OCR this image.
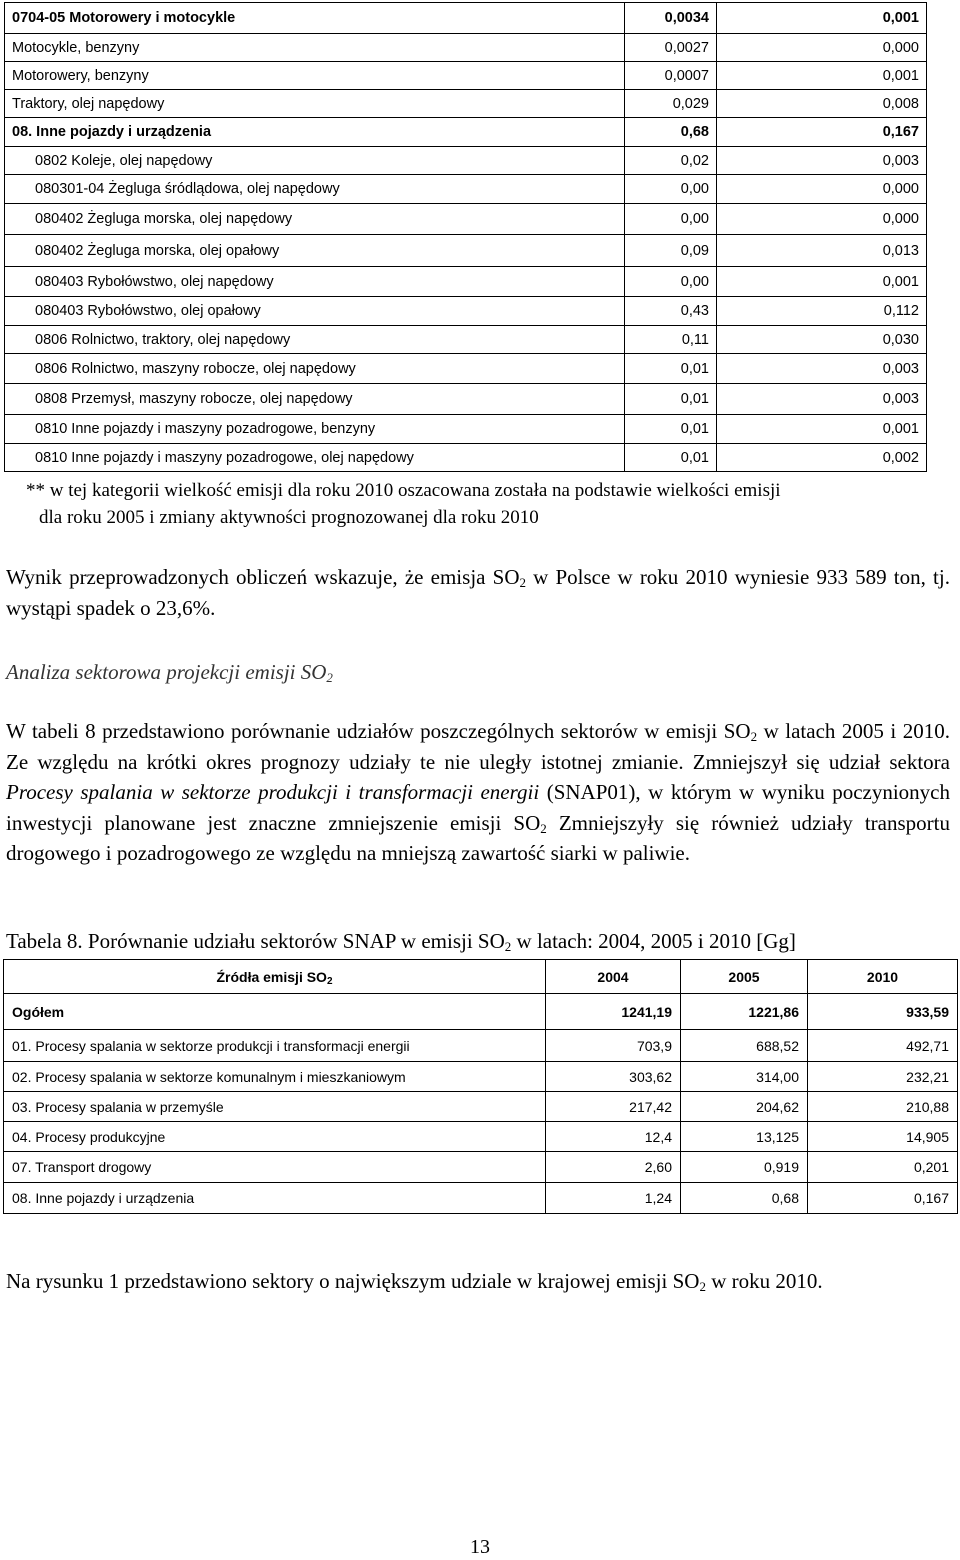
0704-05 Motorowery i motocykle	0,0034	0,001
Motocykle, benzyny	0,0027	0,000
Motorowery, benzyny	0,0007	0,001
Traktory, olej napędowy	0,029	0,008
08. Inne pojazdy i urządzenia	0,68	0,167
0802 Koleje, olej napędowy	0,02	0,003
080301-04 Żegluga śródlądowa, olej napędowy	0,00	0,000
080402 Żegluga morska, olej napędowy	0,00	0,000
080402 Żegluga morska, olej opałowy	0,09	0,013
080403 Rybołówstwo, olej napędowy	0,00	0,001
080403 Rybołówstwo, olej opałowy	0,43	0,112
0806 Rolnictwo, traktory, olej napędowy	0,11	0,030
0806 Rolnictwo, maszyny robocze, olej napędowy	0,01	0,003
0808 Przemysł, maszyny robocze, olej napędowy	0,01	0,003
0810 Inne pojazdy i maszyny pozadrogowe, benzyny	0,01	0,001
0810 Inne pojazdy i maszyny pozadrogowe, olej napędowy	0,01	0,002
** w tej kategorii wielkość emisji dla roku 2010 oszacowana została na podstawie wielkości emisji
dla roku 2005 i zmiany aktywności prognozowanej dla roku 2010
Wynik przeprowadzonych obliczeń wskazuje, że emisja $SO_2$ w Polsce w roku 2010 wyniesie 933 589 ton, tj. wystąpi spadek o 23,6%.
Analiza sektorowa projekcji emisji $SO_2$
W tabeli 8 przedstawiono porównanie udziałów poszczególnych sektorów w emisji $SO_2$ w latach 2005 i 2010. Ze względu na krótki okres prognozy udziały te nie uległy istotnej zmianie. Zmniejszył się udział sektora Procesy spalania w sektorze produkcji i transformacji energii (SNAP01), w którym w wyniku poczynionych inwestycji planowane jest znaczne zmniejszenie emisji $SO_2$ Zmniejszyły się również udziały transportu drogowego i pozadrogowego ze względu na mniejszą zawartość siarki w paliwie.
Tabela 8. Porównanie udziału sektorów SNAP w emisji $SO_2$ w latach: 2004, 2005 i 2010 [Gg]
Źródła emisji $SO_2$	2004	2005	2010
Ogółem	1241,19	1221,86	933,59
01. Procesy spalania w sektorze produkcji i transformacji energii	703,9	688,52	492,71
02. Procesy spalania w sektorze komunalnym i mieszkaniowym	303,62	314,00	232,21
03. Procesy spalania w przemyśle	217,42	204,62	210,88
04. Procesy produkcyjne	12,4	13,125	14,905
07. Transport drogowy	2,60	0,919	0,201
08. Inne pojazdy i urządzenia	1,24	0,68	0,167
Na rysunku 1 przedstawiono sektory o największym udziale w krajowej emisji $SO_2$ w roku 2010.
13
